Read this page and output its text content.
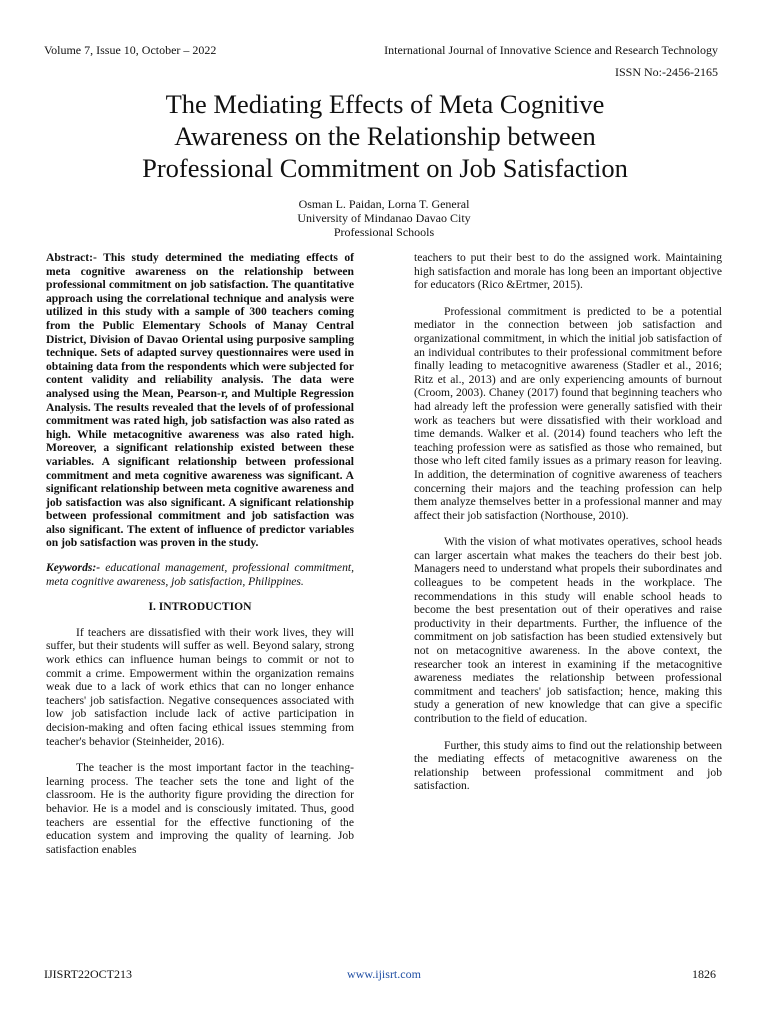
Volume 7, Issue 10, October – 2022	International Journal of Innovative Science and Research Technology
ISSN No:-2456-2165
The Mediating Effects of Meta Cognitive
Awareness on the Relationship between
Professional Commitment on Job Satisfaction
Osman L. Paidan, Lorna T. General
University of Mindanao Davao City
Professional Schools

Abstract:- This study determined the mediating effects of meta cognitive awareness on the relationship between professional commitment on job satisfaction. The quantitative approach using the correlational technique and analysis were utilized in this study with a sample of 300 teachers coming from the Public Elementary Schools of Manay Central District, Division of Davao Oriental using purposive sampling technique. Sets of adapted survey questionnaires were used in obtaining data from the respondents which were subjected for content validity and reliability analysis. The data were analysed using the Mean, Pearson-r, and Multiple Regression Analysis. The results revealed that the levels of of professional commitment was rated high, job satisfaction was also rated as high. While metacognitive awareness was also rated high. Moreover, a significant relationship existed between these variables. A significant relationship between professional commitment and meta cognitive awareness was significant. A significant relationship between meta cognitive awareness and job satisfaction was also significant. A significant relationship between professional commitment and job satisfaction was also significant. The extent of influence of predictor variables on job satisfaction was proven in the study.

Keywords:- educational management, professional commitment, meta cognitive awareness, job satisfaction, Philippines.

I. INTRODUCTION

If teachers are dissatisfied with their work lives, they will suffer, but their students will suffer as well. Beyond salary, strong work ethics can influence human beings to commit or not to commit a crime. Empowerment within the organization remains weak due to a lack of work ethics that can no longer enhance teachers' job satisfaction. Negative consequences associated with low job satisfaction include lack of active participation in decision-making and often facing ethical issues stemming from teacher's behavior (Steinheider, 2016).

The teacher is the most important factor in the teaching-learning process. The teacher sets the tone and light of the classroom. He is the authority figure providing the direction for behavior. He is a model and is consciously imitated. Thus, good teachers are essential for the effective functioning of the education system and improving the quality of learning. Job satisfaction enables

teachers to put their best to do the assigned work. Maintaining high satisfaction and morale has long been an important objective for educators (Rico &Ertmer, 2015).

Professional commitment is predicted to be a potential mediator in the connection between job satisfaction and organizational commitment, in which the initial job satisfaction of an individual contributes to their professional commitment before finally leading to metacognitive awareness (Stadler et al., 2016; Ritz et al., 2013) and are only experiencing amounts of burnout (Croom, 2003). Chaney (2017) found that beginning teachers who had already left the profession were generally satisfied with their work as teachers but were dissatisfied with their workload and time demands. Walker et al. (2014) found teachers who left the teaching profession were as satisfied as those who remained, but those who left cited family issues as a primary reason for leaving. In addition, the determination of cognitive awareness of teachers concerning their majors and the teaching profession can help them analyze themselves better in a professional manner and may affect their job satisfaction (Northouse, 2010).

With the vision of what motivates operatives, school heads can larger ascertain what makes the teachers do their best job. Managers need to understand what propels their subordinates and colleagues to be competent heads in the workplace. The recommendations in this study will enable school heads to become the best presentation out of their operatives and raise productivity in their departments. Further, the influence of the commitment on job satisfaction has been studied extensively but not on metacognitive awareness. In the above context, the researcher took an interest in examining if the metacognitive awareness mediates the relationship between professional commitment and teachers' job satisfaction; hence, making this study a generation of new knowledge that can give a specific contribution to the field of education.

Further, this study aims to find out the relationship between the mediating effects of metacognitive awareness on the relationship between professional commitment and job satisfaction.

IJISRT22OCT213	www.ijisrt.com	1826
